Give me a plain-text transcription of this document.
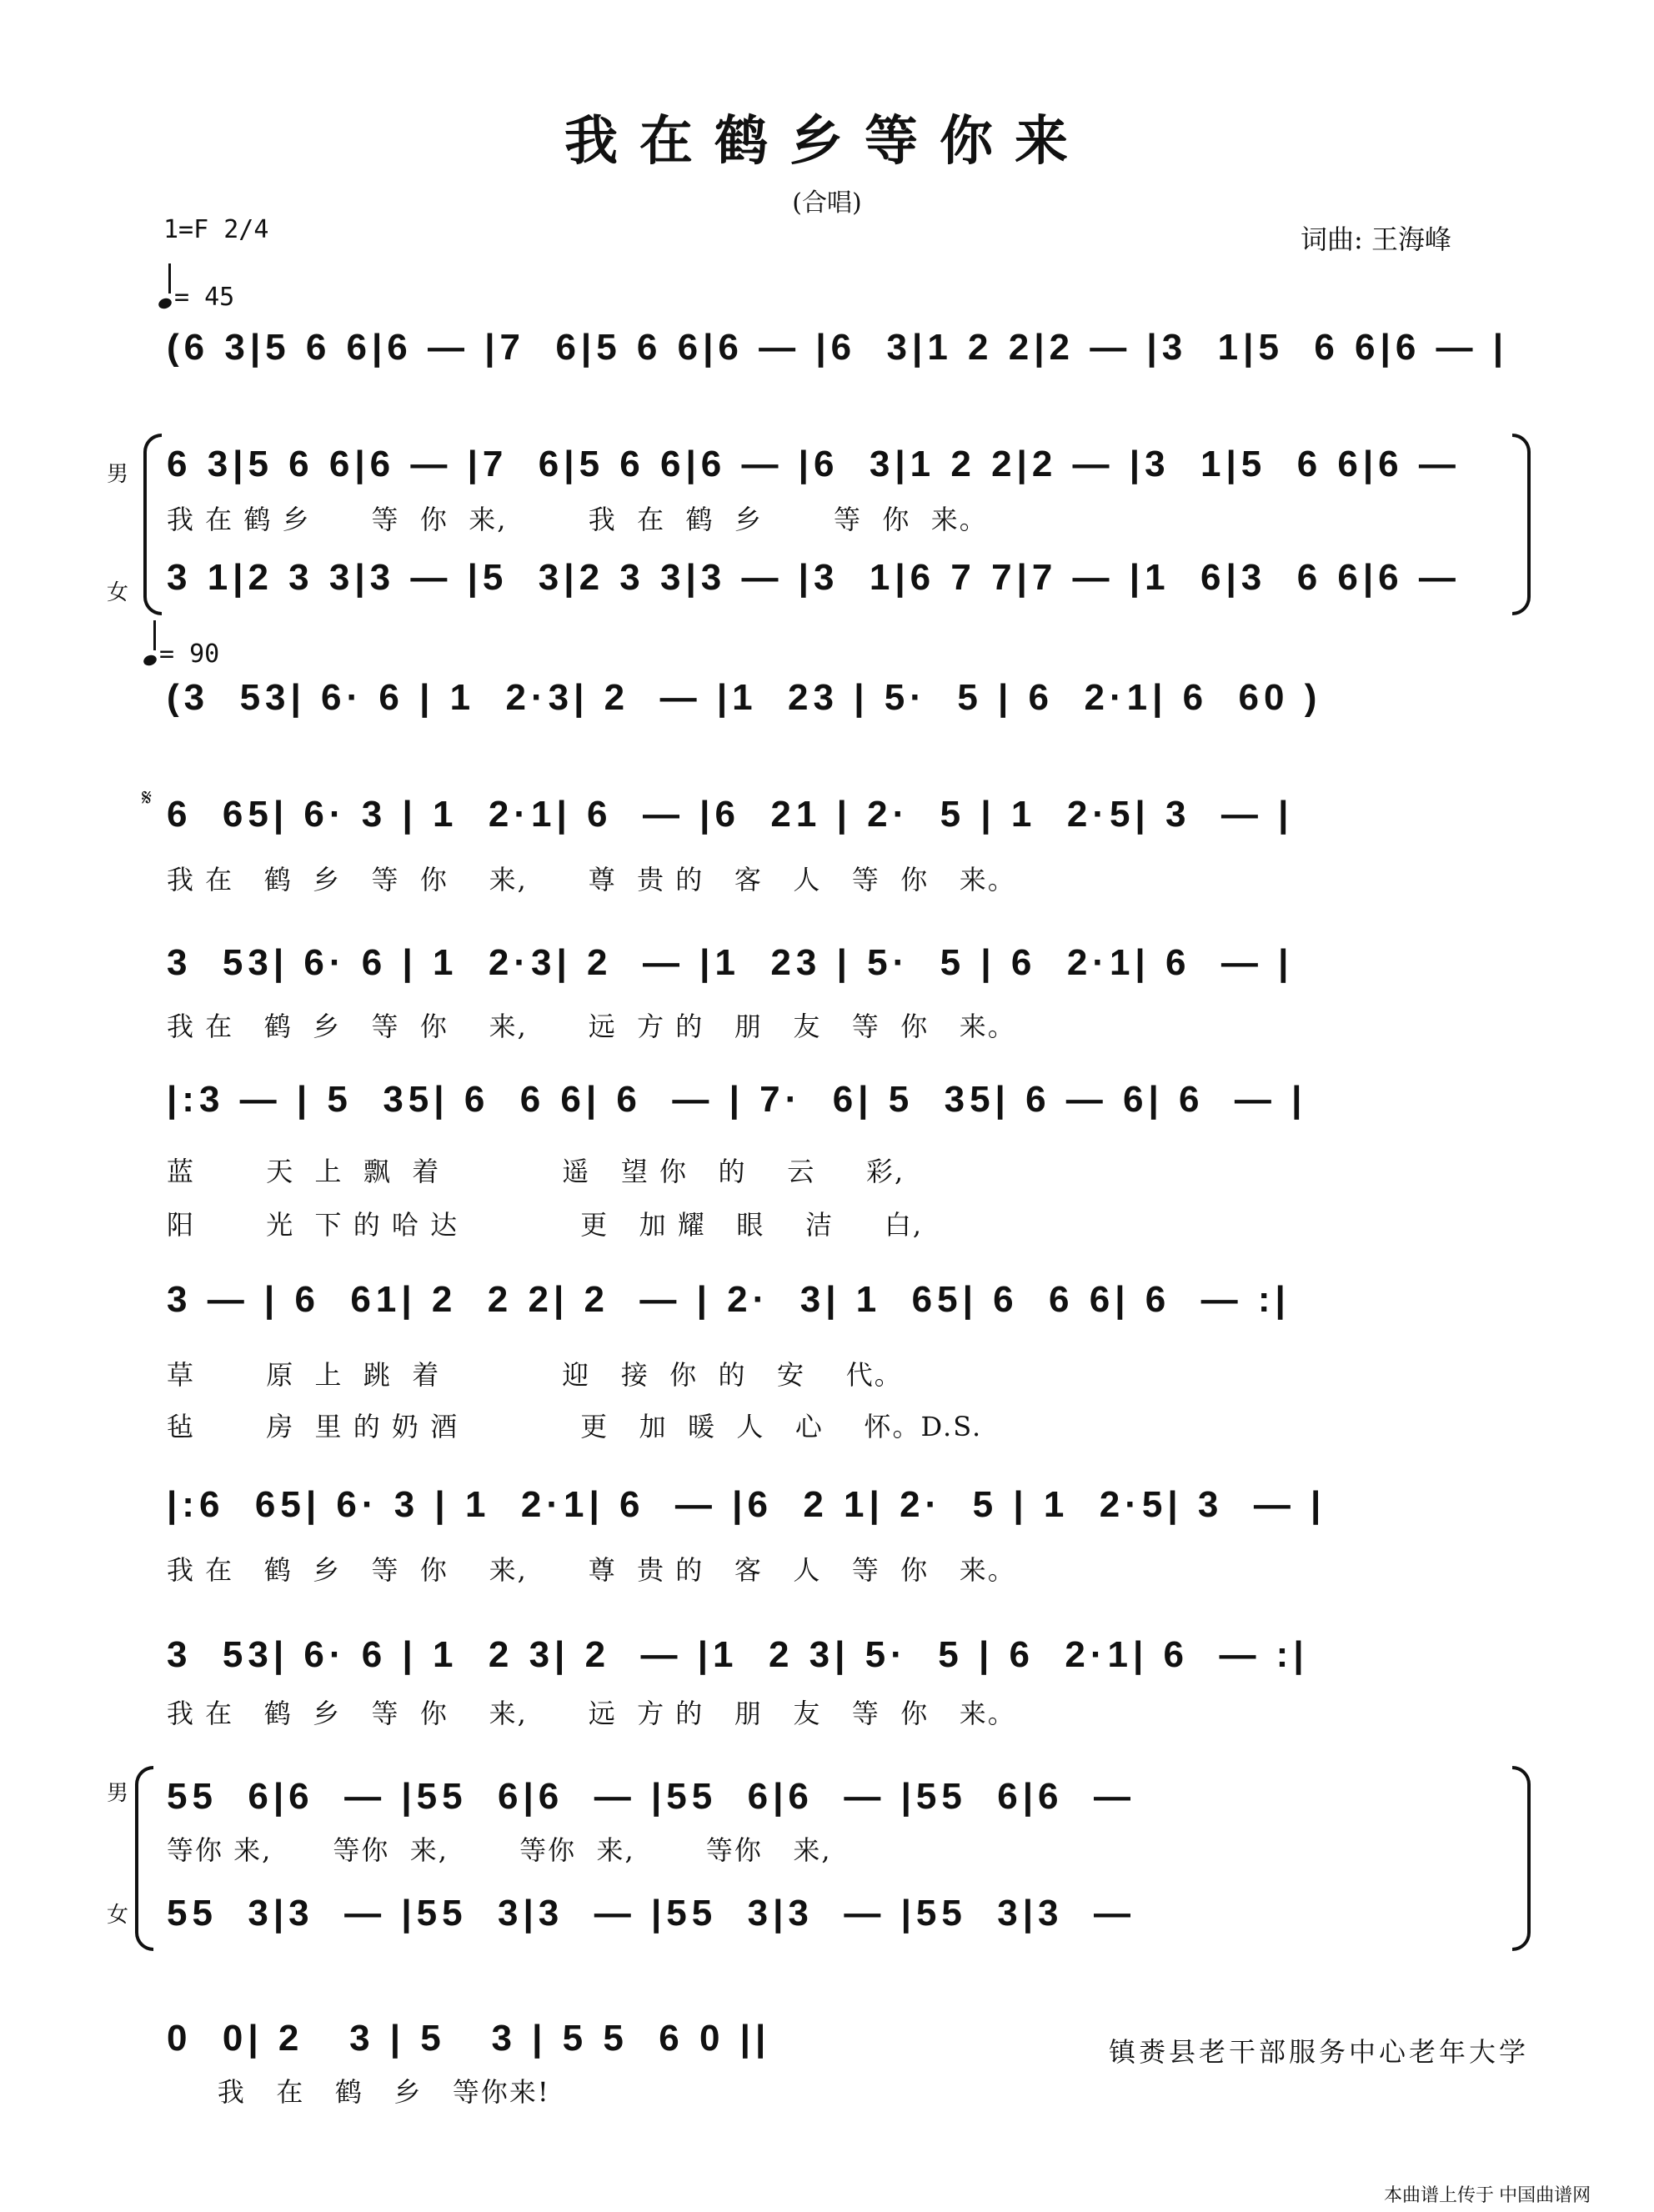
我在鹤乡等你来
(合唱)
1=F 2/4
= 45
词曲: 王海峰
(6 3|5 6 6|6 — |7  6|5 6 6|6 — |6  3|1 2 2|2 — |3  1|5  6 6|6 — |
男
女
6 3|5 6 6|6 — |7  6|5 6 6|6 — |6  3|1 2 2|2 — |3  1|5  6 6|6 —
我 在 鹤 乡      等  你  来,        我  在  鹤  乡       等  你  来。
3 1|2 3 3|3 — |5  3|2 3 3|3 — |3  1|6 7 7|7 — |1  6|3  6 6|6 —
= 90
(3  53| 6· 6 | 1  2·3| 2  — |1  23 | 5·  5 | 6  2·1| 6  60 )
𝄋 6  65| 6· 3 | 1  2·1| 6  — |6  21 | 2·  5 | 1  2·5| 3  — |
我 在   鹤  乡   等  你    来,      尊  贵 的   客   人   等  你   来。
3  53| 6· 6 | 1  2·3| 2  — |1  23 | 5·  5 | 6  2·1| 6  — |
我 在   鹤  乡   等  你    来,      远  方 的   朋   友   等  你   来。
|:3 — | 5  35| 6  6 6| 6  — | 7·  6| 5  35| 6 — 6| 6  — |
蓝       天  上  飘  着            遥   望 你   的    云     彩,
阳       光  下 的 哈 达            更   加 耀   眼    洁     白,
3 — | 6  61| 2  2 2| 2  — | 2·  3| 1  65| 6  6 6| 6  — :|
草       原  上  跳  着            迎   接  你  的   安    代。
毡       房  里 的 奶 酒            更   加  暖  人   心    怀。D.S.
|:6  65| 6· 3 | 1  2·1| 6  — |6  2 1| 2·  5 | 1  2·5| 3  — |
我 在   鹤  乡   等  你    来,      尊  贵 的   客   人   等  你   来。
3  53| 6· 6 | 1  2 3| 2  — |1  2 3| 5·  5 | 6  2·1| 6  — :|
我 在   鹤  乡   等  你    来,      远  方 的   朋   友   等  你   来。
男
女
55  6|6  — |55  6|6  — |55  6|6  — |55  6|6  —
等你 来,      等你  来,       等你  来,       等你   来,
55  3|3  — |55  3|3  — |55  3|3  — |55  3|3  —
0  0| 2   3 | 5   3 | 5 5  6 0 ||
我   在   鹤   乡   等你来!
镇赉县老干部服务中心老年大学
本曲谱上传于 中国曲谱网
